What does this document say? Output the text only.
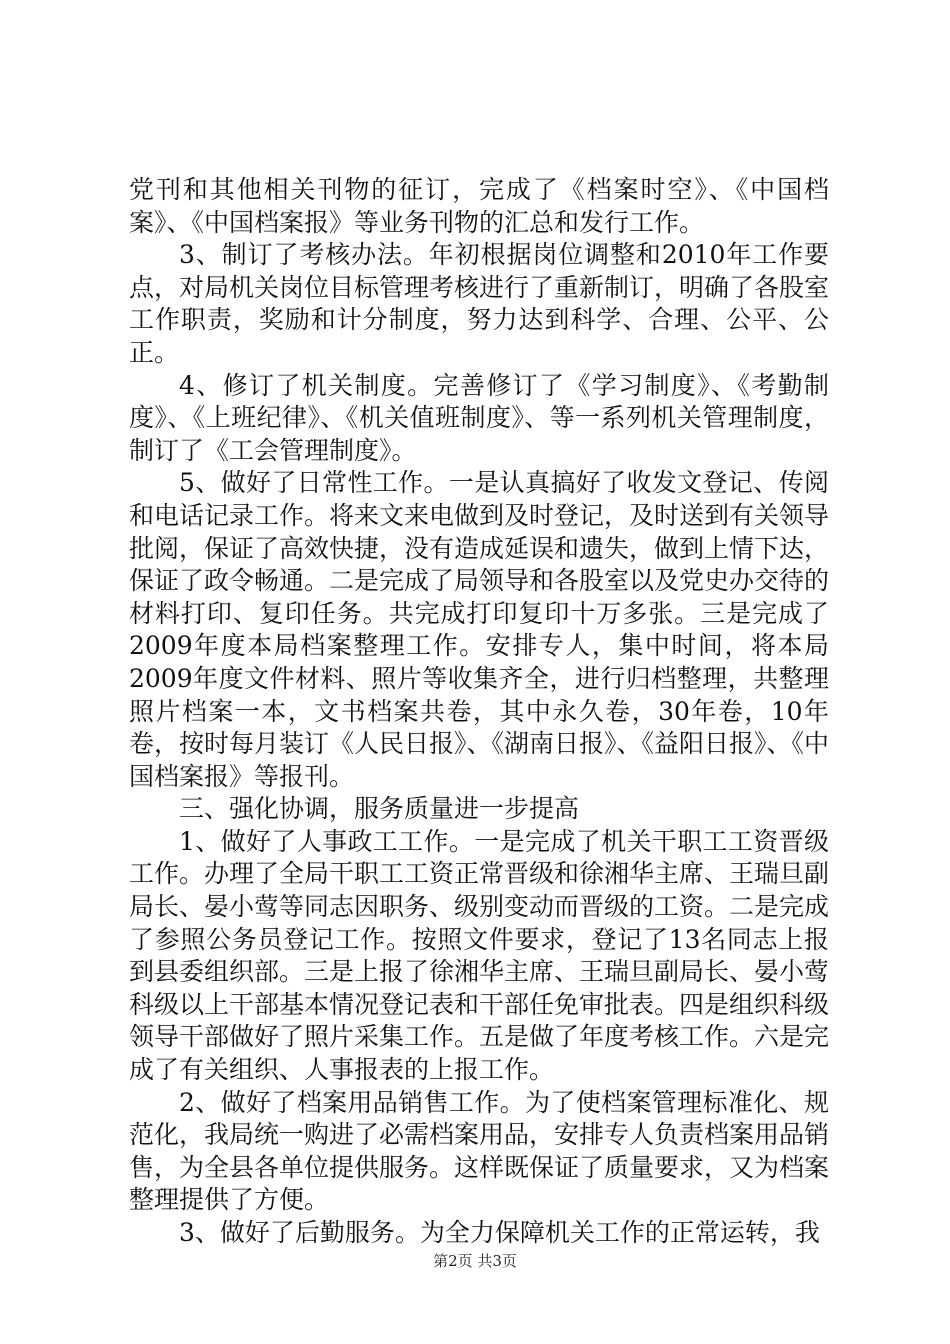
党刊和其他相关刊物的征订，完成了《档案时空》、《中国档案》、《中国档案报》等业务刊物的汇总和发行工作。

3、制订了考核办法。年初根据岗位调整和2010年工作要点，对局机关岗位目标管理考核进行了重新制订，明确了各股室工作职责，奖励和计分制度，努力达到科学、合理、公平、公正。

4、修订了机关制度。完善修订了《学习制度》、《考勤制度》、《上班纪律》、《机关值班制度》、等一系列机关管理制度，制订了《工会管理制度》。

5、做好了日常性工作。一是认真搞好了收发文登记、传阅和电话记录工作。将来文来电做到及时登记，及时送到有关领导批阅，保证了高效快捷，没有造成延误和遗失，做到上情下达，保证了政令畅通。二是完成了局领导和各股室以及党史办交待的材料打印、复印任务。共完成打印复印十万多张。三是完成了2009年度本局档案整理工作。安排专人，集中时间，将本局2009年度文件材料、照片等收集齐全，进行归档整理，共整理照片档案一本，文书档案共卷，其中永久卷，30年卷，10年卷，按时每月装订《人民日报》、《湖南日报》、《益阳日报》、《中国档案报》等报刊。

三、强化协调，服务质量进一步提高

1、做好了人事政工工作。一是完成了机关干职工工资晋级工作。办理了全局干职工工资正常晋级和徐湘华主席、王瑞旦副局长、晏小莺等同志因职务、级别变动而晋级的工资。二是完成了参照公务员登记工作。按照文件要求，登记了13名同志上报到县委组织部。三是上报了徐湘华主席、王瑞旦副局长、晏小莺科级以上干部基本情况登记表和干部任免审批表。四是组织科级领导干部做好了照片采集工作。五是做了年度考核工作。六是完成了有关组织、人事报表的上报工作。

2、做好了档案用品销售工作。为了使档案管理标准化、规范化，我局统一购进了必需档案用品，安排专人负责档案用品销售，为全县各单位提供服务。这样既保证了质量要求，又为档案整理提供了方便。

3、做好了后勤服务。为全力保障机关工作的正常运转，我

第2页 共3页
